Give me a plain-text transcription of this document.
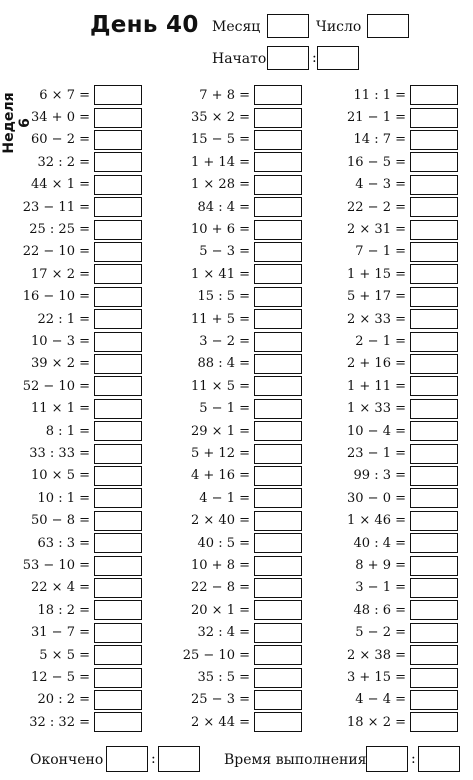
День 40 Месяц	Число
Начато	:
Неделя 6
6 × 7 =
34 + 0 =
60 − 2 =
32 : 2 =
44 × 1 =
23 − 11 =
25 : 25 =
22 − 10 =
17 × 2 =
16 − 10 =
22 : 1 =
10 − 3 =
39 × 2 =
52 − 10 =
11 × 1 =
8 : 1 =
33 : 33 =
10 × 5 =
10 : 1 =
50 − 8 =
63 : 3 =
53 − 10 =
22 × 4 =
18 : 2 =
31 − 7 =
5 × 5 =
12 − 5 =
20 : 2 =
32 : 32 =
7 + 8 =
35 × 2 =
15 − 5 =
1 + 14 =
1 × 28 =
84 : 4 =
10 + 6 =
5 − 3 =
1 × 41 =
15 : 5 =
11 + 5 =
3 − 2 =
88 : 4 =
11 × 5 =
5 − 1 =
29 × 1 =
5 + 12 =
4 + 16 =
4 − 1 =
2 × 40 =
40 : 5 =
10 + 8 =
22 − 8 =
20 × 1 =
32 : 4 =
25 − 10 =
35 : 5 =
25 − 3 =
2 × 44 =
11 : 1 =
21 − 1 =
14 : 7 =
16 − 5 =
4 − 3 =
22 − 2 =
2 × 31 =
7 − 1 =
1 + 15 =
5 + 17 =
2 × 33 =
2 − 1 =
2 + 16 =
1 + 11 =
1 × 33 =
10 − 4 =
23 − 1 =
99 : 3 =
30 − 0 =
1 × 46 =
40 : 4 =
8 + 9 =
3 − 1 =
48 : 6 =
5 − 2 =
2 × 38 =
3 + 15 =
4 − 4 =
18 × 2 =
Окончено	:	Время выполнения	:
